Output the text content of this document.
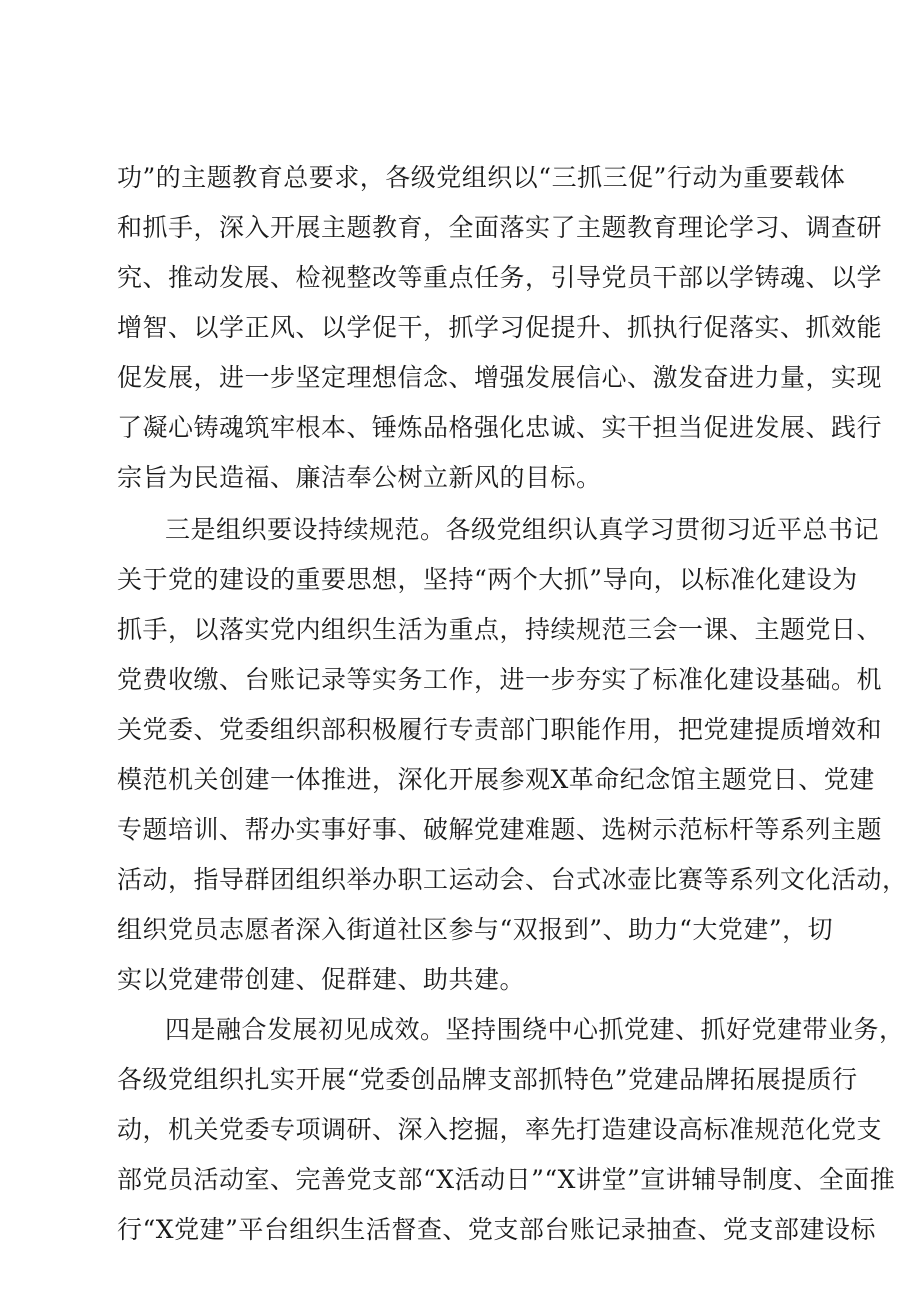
功”的主题教育总要求，各级党组织以“三抓三促”行动为重要载体
和抓手，深入开展主题教育，全面落实了主题教育理论学习、调查研
究、推动发展、检视整改等重点任务，引导党员干部以学铸魂、以学
增智、以学正风、以学促干，抓学习促提升、抓执行促落实、抓效能
促发展，进一步坚定理想信念、增强发展信心、激发奋进力量，实现
了凝心铸魂筑牢根本、锤炼品格强化忠诚、实干担当促进发展、践行
宗旨为民造福、廉洁奉公树立新风的目标。
三是组织要设持续规范。各级党组织认真学习贯彻习近平总书记
关于党的建设的重要思想，坚持“两个大抓”导向，以标准化建设为
抓手，以落实党内组织生活为重点，持续规范三会一课、主题党日、
党费收缴、台账记录等实务工作，进一步夯实了标准化建设基础。机
关党委、党委组织部积极履行专责部门职能作用，把党建提质增效和
模范机关创建一体推进，深化开展参观X革命纪念馆主题党日、党建
专题培训、帮办实事好事、破解党建难题、选树示范标杆等系列主题
活动，指导群团组织举办职工运动会、台式冰壶比赛等系列文化活动，
组织党员志愿者深入街道社区参与“双报到”、助力“大党建”，切
实以党建带创建、促群建、助共建。
四是融合发展初见成效。坚持围绕中心抓党建、抓好党建带业务，
各级党组织扎实开展“党委创品牌支部抓特色”党建品牌拓展提质行
动，机关党委专项调研、深入挖掘，率先打造建设高标准规范化党支
部党员活动室、完善党支部“X活动日”“X讲堂”宣讲辅导制度、全面推
行“X党建”平台组织生活督查、党支部台账记录抽查、党支部建设标
